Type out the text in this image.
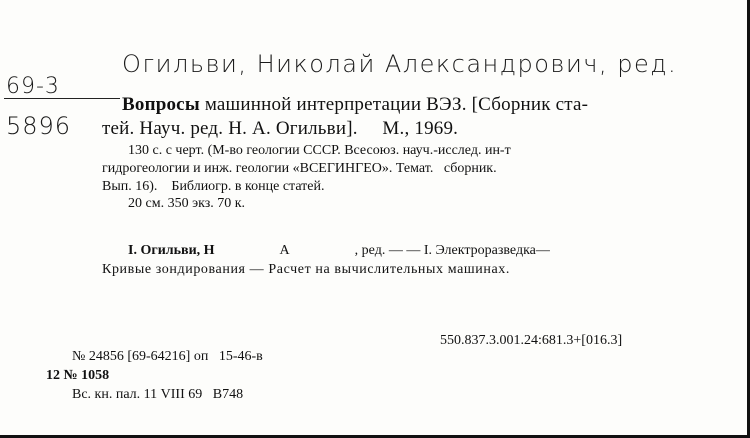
Огильви, Николай Александрович, ред.
69-3
5896
Вопросы машинной интерпретации ВЭЗ. [Сборник ста-
тей. Науч. ред. Н. А. Огильви].     М., 1969.
130 с. с черт. (М-во геологии СССР. Всесоюз. науч.-исслед. ин-т
гидрогеологии и инж. геологии «ВСЕГИНГЕО». Темат.   сборник.
Вып. 16).    Библиогр. в конце статей.
20 см. 350 экз. 70 к.
I. Огильви, Н	А	, ред. — — I. Электроразведка—
Кривые зондирования — Расчет на вычислительных машинах.
550.837.3.001.24:681.3+[016.3]
№ 24856 [69-64216] оп   15-46-в
12 № 1058
Вс. кн. пал. 11 VIII 69   B748
